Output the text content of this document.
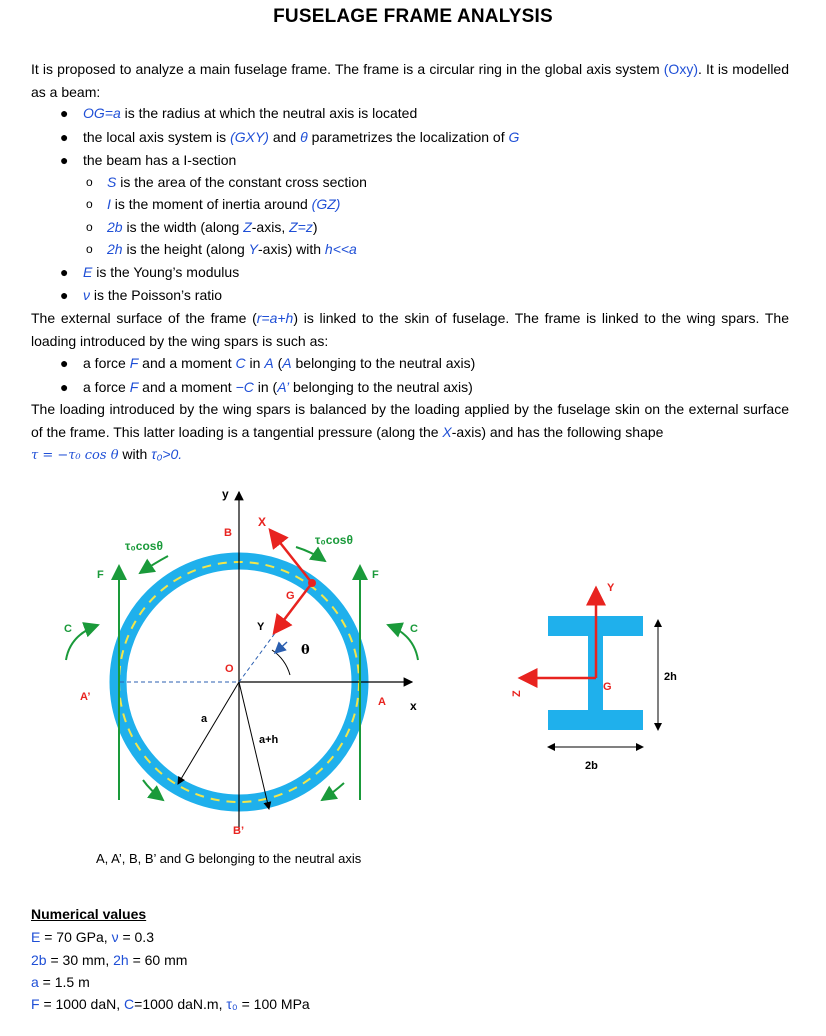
FUSELAGE FRAME ANALYSIS
It is proposed to analyze a main fuselage frame. The frame is a circular ring in the global axis system (Oxy). It is modelled as a beam:
● OG=a is the radius at which the neutral axis is located
● the local axis system is (GXY) and θ parametrizes the localization of G
● the beam has a I-section
o S is the area of the constant cross section
o I is the moment of inertia around (GZ)
o 2b is the width (along Z-axis, Z=z)
o 2h is the height (along Y-axis) with h<<a
● E is the Young’s modulus
● ν is the Poisson’s ratio
The external surface of the frame (r=a+h) is linked to the skin of fuselage. The frame is linked to the wing spars. The loading introduced by the wing spars is such as:
● a force F and a moment C in A (A belonging to the neutral axis)
● a force F and a moment −C in (A’ belonging to the neutral axis)
The loading introduced by the wing spars is balanced by the loading applied by the fuselage skin on the external surface of the frame. This latter loading is a tangential pressure (along the X-axis) and has the following shape
τ = −τ₀ cos θ with τ₀>0.
y
x
B
B’
A
A’
O
G
X
Y
θ
a
a+h
F	F
C	C
τ₀cosθ	τ₀cosθ
Y
G
Z
2h
2b
A, A’, B, B’ and G belonging to the neutral axis
Numerical values
E = 70 GPa, ν = 0.3
2b = 30 mm, 2h = 60 mm
a = 1.5 m
F = 1000 daN, C=1000 daN.m, τ₀ = 100 MPa
